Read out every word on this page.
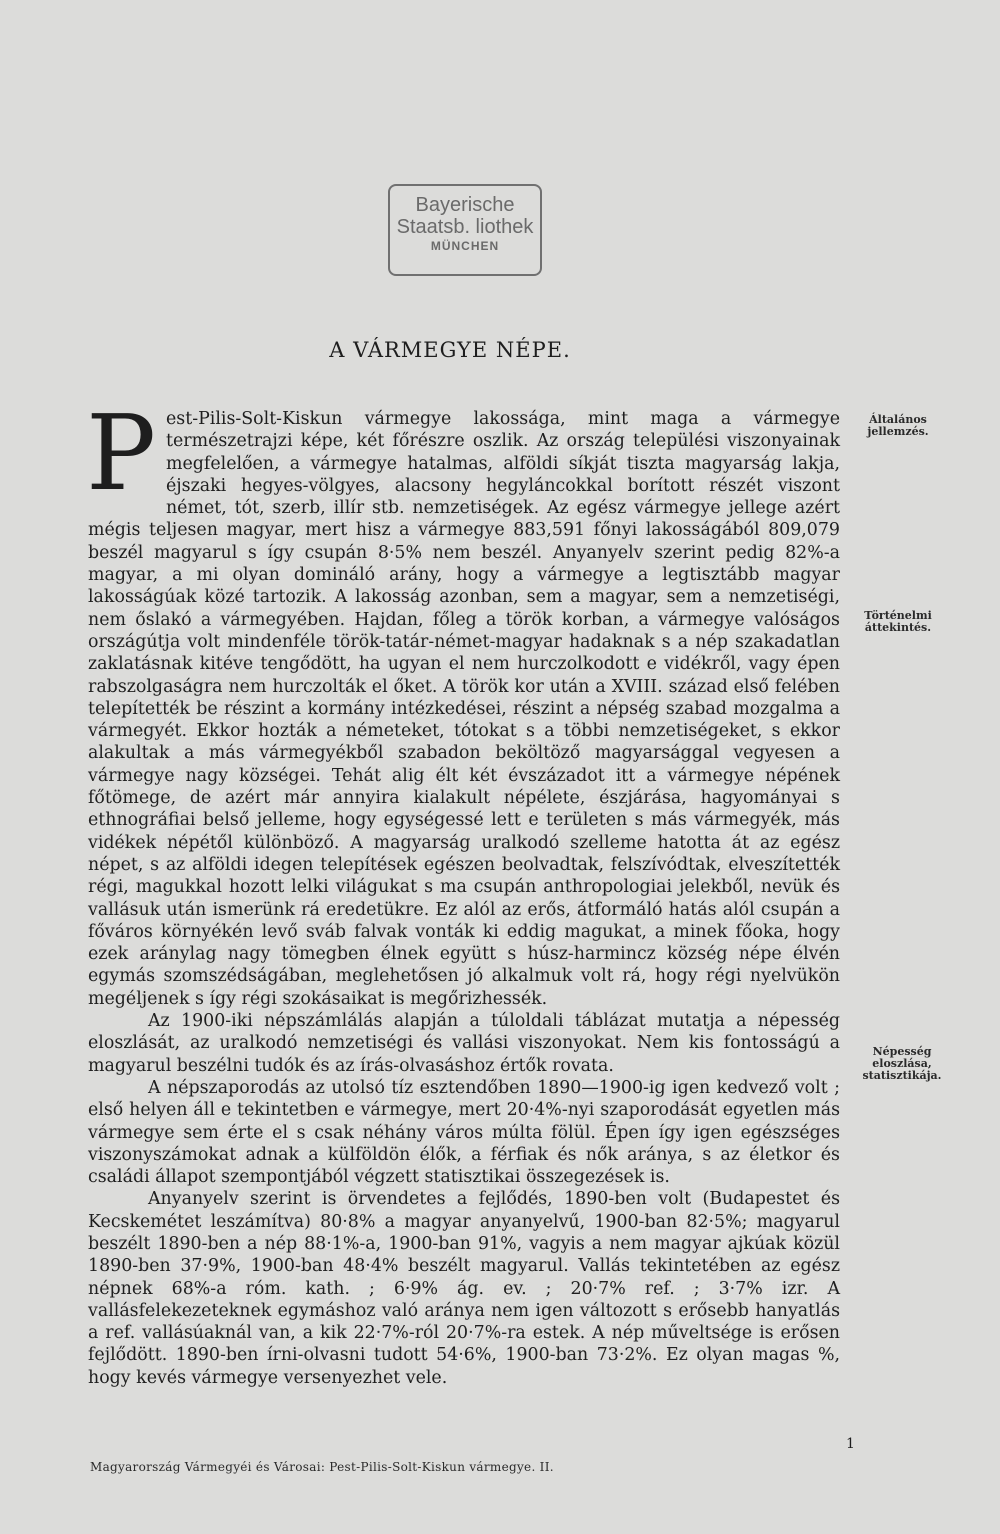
Bayerische
Staatsb. liothek
MÜNCHEN
A VÁRMEGYE NÉPE.

Pest-Pilis-Solt-Kiskun vármegye lakossága, mint maga a vármegye természetrajzi képe, két főrészre oszlik. Az ország települési viszonyainak megfelelően, a vármegye hatalmas, alföldi síkját tiszta magyarság lakja, éjszaki hegyes-völgyes, alacsony hegyláncokkal borított részét viszont német, tót, szerb, illír stb. nemzetiségek. Az egész vármegye jellege azért mégis teljesen magyar, mert hisz a vármegye 883,591 főnyi lakosságából 809,079 beszél magyarul s így csupán 8·5% nem beszél. Anyanyelv szerint pedig 82%-a magyar, a mi olyan domináló arány, hogy a vármegye a legtisztább magyar lakosságúak közé tartozik. A lakosság azonban, sem a magyar, sem a nemzetiségi, nem őslakó a vármegyében. Hajdan, főleg a török korban, a vármegye valóságos országútja volt mindenféle török-tatár-német-magyar hadaknak s a nép szakadatlan zaklatásnak kitéve tengődött, ha ugyan el nem hurczolkodott e vidékről, vagy épen rabszolgaságra nem hurczolták el őket. A török kor után a XVIII. század első felében telepítették be részint a kormány intézkedései, részint a népség szabad mozgalma a vármegyét. Ekkor hozták a németeket, tótokat s a többi nemzetiségeket, s ekkor alakultak a más vármegyékből szabadon beköltöző magyarsággal vegyesen a vármegye nagy községei. Tehát alig élt két évszázadot itt a vármegye népének főtömege, de azért már annyira kialakult népélete, észjárása, hagyományai s ethnográfiai belső jelleme, hogy egységessé lett e területen s más vármegyék, más vidékek népétől különböző. A magyarság uralkodó szelleme hatotta át az egész népet, s az alföldi idegen telepítések egészen beolvadtak, felszívódtak, elveszítették régi, magukkal hozott lelki világukat s ma csupán anthropologiai jelekből, nevük és vallásuk után ismerünk rá eredetükre. Ez alól az erős, átformáló hatás alól csupán a főváros környékén levő sváb falvak vonták ki eddig magukat, a minek főoka, hogy ezek aránylag nagy tömegben élnek együtt s húsz-harmincz község népe élvén egymás szomszédságában, meglehetősen jó alkalmuk volt rá, hogy régi nyelvükön megéljenek s így régi szokásaikat is megőrizhessék.

Az 1900-iki népszámlálás alapján a túloldali táblázat mutatja a népesség eloszlását, az uralkodó nemzetiségi és vallási viszonyokat. Nem kis fontosságú a magyarul beszélni tudók és az írás-olvasáshoz értők rovata.

A népszaporodás az utolsó tíz esztendőben 1890—1900-ig igen kedvező volt ; első helyen áll e tekintetben e vármegye, mert 20·4%-nyi szaporodását egyetlen más vármegye sem érte el s csak néhány város múlta fölül. Épen így igen egészséges viszonyszámokat adnak a külföldön élők, a férfiak és nők aránya, s az életkor és családi állapot szempontjából végzett statisztikai összegezések is.

Anyanyelv szerint is örvendetes a fejlődés, 1890-ben volt (Budapestet és Kecskemétet leszámítva) 80·8% a magyar anyanyelvű, 1900-ban 82·5%; magyarul beszélt 1890-ben a nép 88·1%-a, 1900-ban 91%, vagyis a nem magyar ajkúak közül 1890-ben 37·9%, 1900-ban 48·4% beszélt magyarul. Vallás tekintetében az egész népnek 68%-a róm. kath. ; 6·9% ág. ev. ; 20·7% ref. ; 3·7% izr. A vallásfelekezeteknek egymáshoz való aránya nem igen változott s erősebb hanyatlás a ref. vallásúaknál van, a kik 22·7%-ról 20·7%-ra estek. A nép műveltsége is erősen fejlődött. 1890-ben írni-olvasni tudott 54·6%, 1900-ban 73·2%. Ez olyan magas %, hogy kevés vármegye versenyezhet vele.

Általános jellemzés.
Történelmi áttekintés.
Népesség eloszlása, statisztikája.
1
Magyarország Vármegyéi és Városai: Pest-Pilis-Solt-Kiskun vármegye. II.
